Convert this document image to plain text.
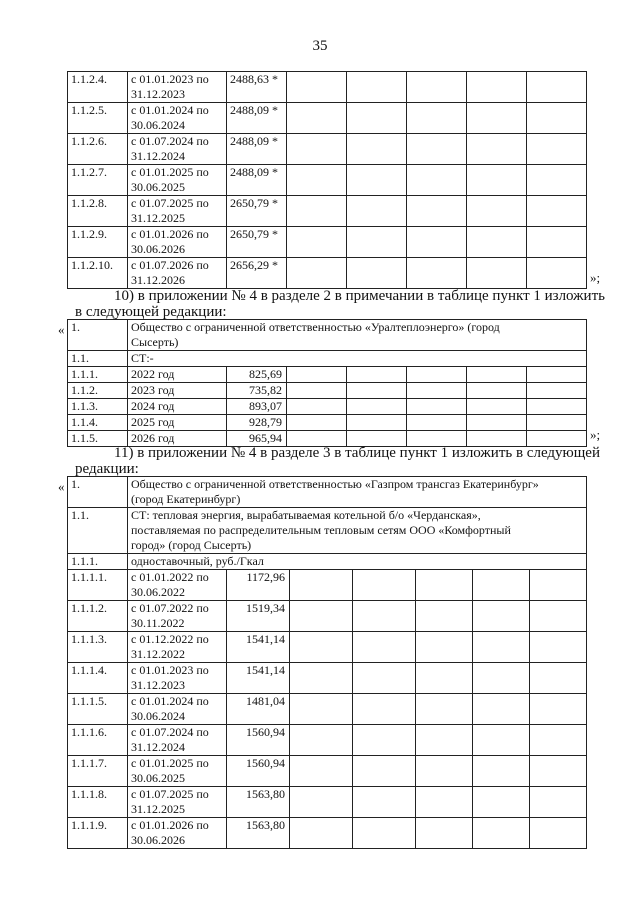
35
1.1.2.4.	с 01.01.2023 по
31.12.2023	2488,63 *					
1.1.2.5.	с 01.01.2024 по
30.06.2024	2488,09 *					
1.1.2.6.	с 01.07.2024 по
31.12.2024	2488,09 *					
1.1.2.7.	с 01.01.2025 по
30.06.2025	2488,09 *					
1.1.2.8.	с 01.07.2025 по
31.12.2025	2650,79 *					
1.1.2.9.	с 01.01.2026 по
30.06.2026	2650,79 *					
1.1.2.10.	с 01.07.2026 по
31.12.2026	2656,29 *					
»;
10) в приложении № 4 в разделе 2 в примечании в таблице пункт 1 изложить
в следующей редакции:
« 1.	Общество с ограниченной ответственностью «Уралтеплоэнерго» (город
Сысерть)						
1.1.	СТ:-						
1.1.1.	2022 год	825,69					
1.1.2.	2023 год	735,82					
1.1.3.	2024 год	893,07					
1.1.4.	2025 год	928,79					
1.1.5.	2026 год	965,94						»;
11) в приложении № 4 в разделе 3 в таблице пункт 1 изложить в следующей
редакции:
« 1.	Общество с ограниченной ответственностью «Газпром трансгаз Екатеринбург»
(город Екатеринбург)						
1.1.	СТ: тепловая энергия, вырабатываемая котельной б/о «Черданская»,
поставляемая по распределительным тепловым сетям ООО «Комфортный
город» (город Сысерть)						
1.1.1.	одноставочный, руб./Гкал						
1.1.1.1.	с 01.01.2022 по
30.06.2022	1172,96					
1.1.1.2.	с 01.07.2022 по
30.11.2022	1519,34					
1.1.1.3.	с 01.12.2022 по
31.12.2022	1541,14					
1.1.1.4.	с 01.01.2023 по
31.12.2023	1541,14					
1.1.1.5.	с 01.01.2024 по
30.06.2024	1481,04					
1.1.1.6.	с 01.07.2024 по
31.12.2024	1560,94					
1.1.1.7.	с 01.01.2025 по
30.06.2025	1560,94					
1.1.1.8.	с 01.07.2025 по
31.12.2025	1563,80					
1.1.1.9.	с 01.01.2026 по
30.06.2026	1563,80					
